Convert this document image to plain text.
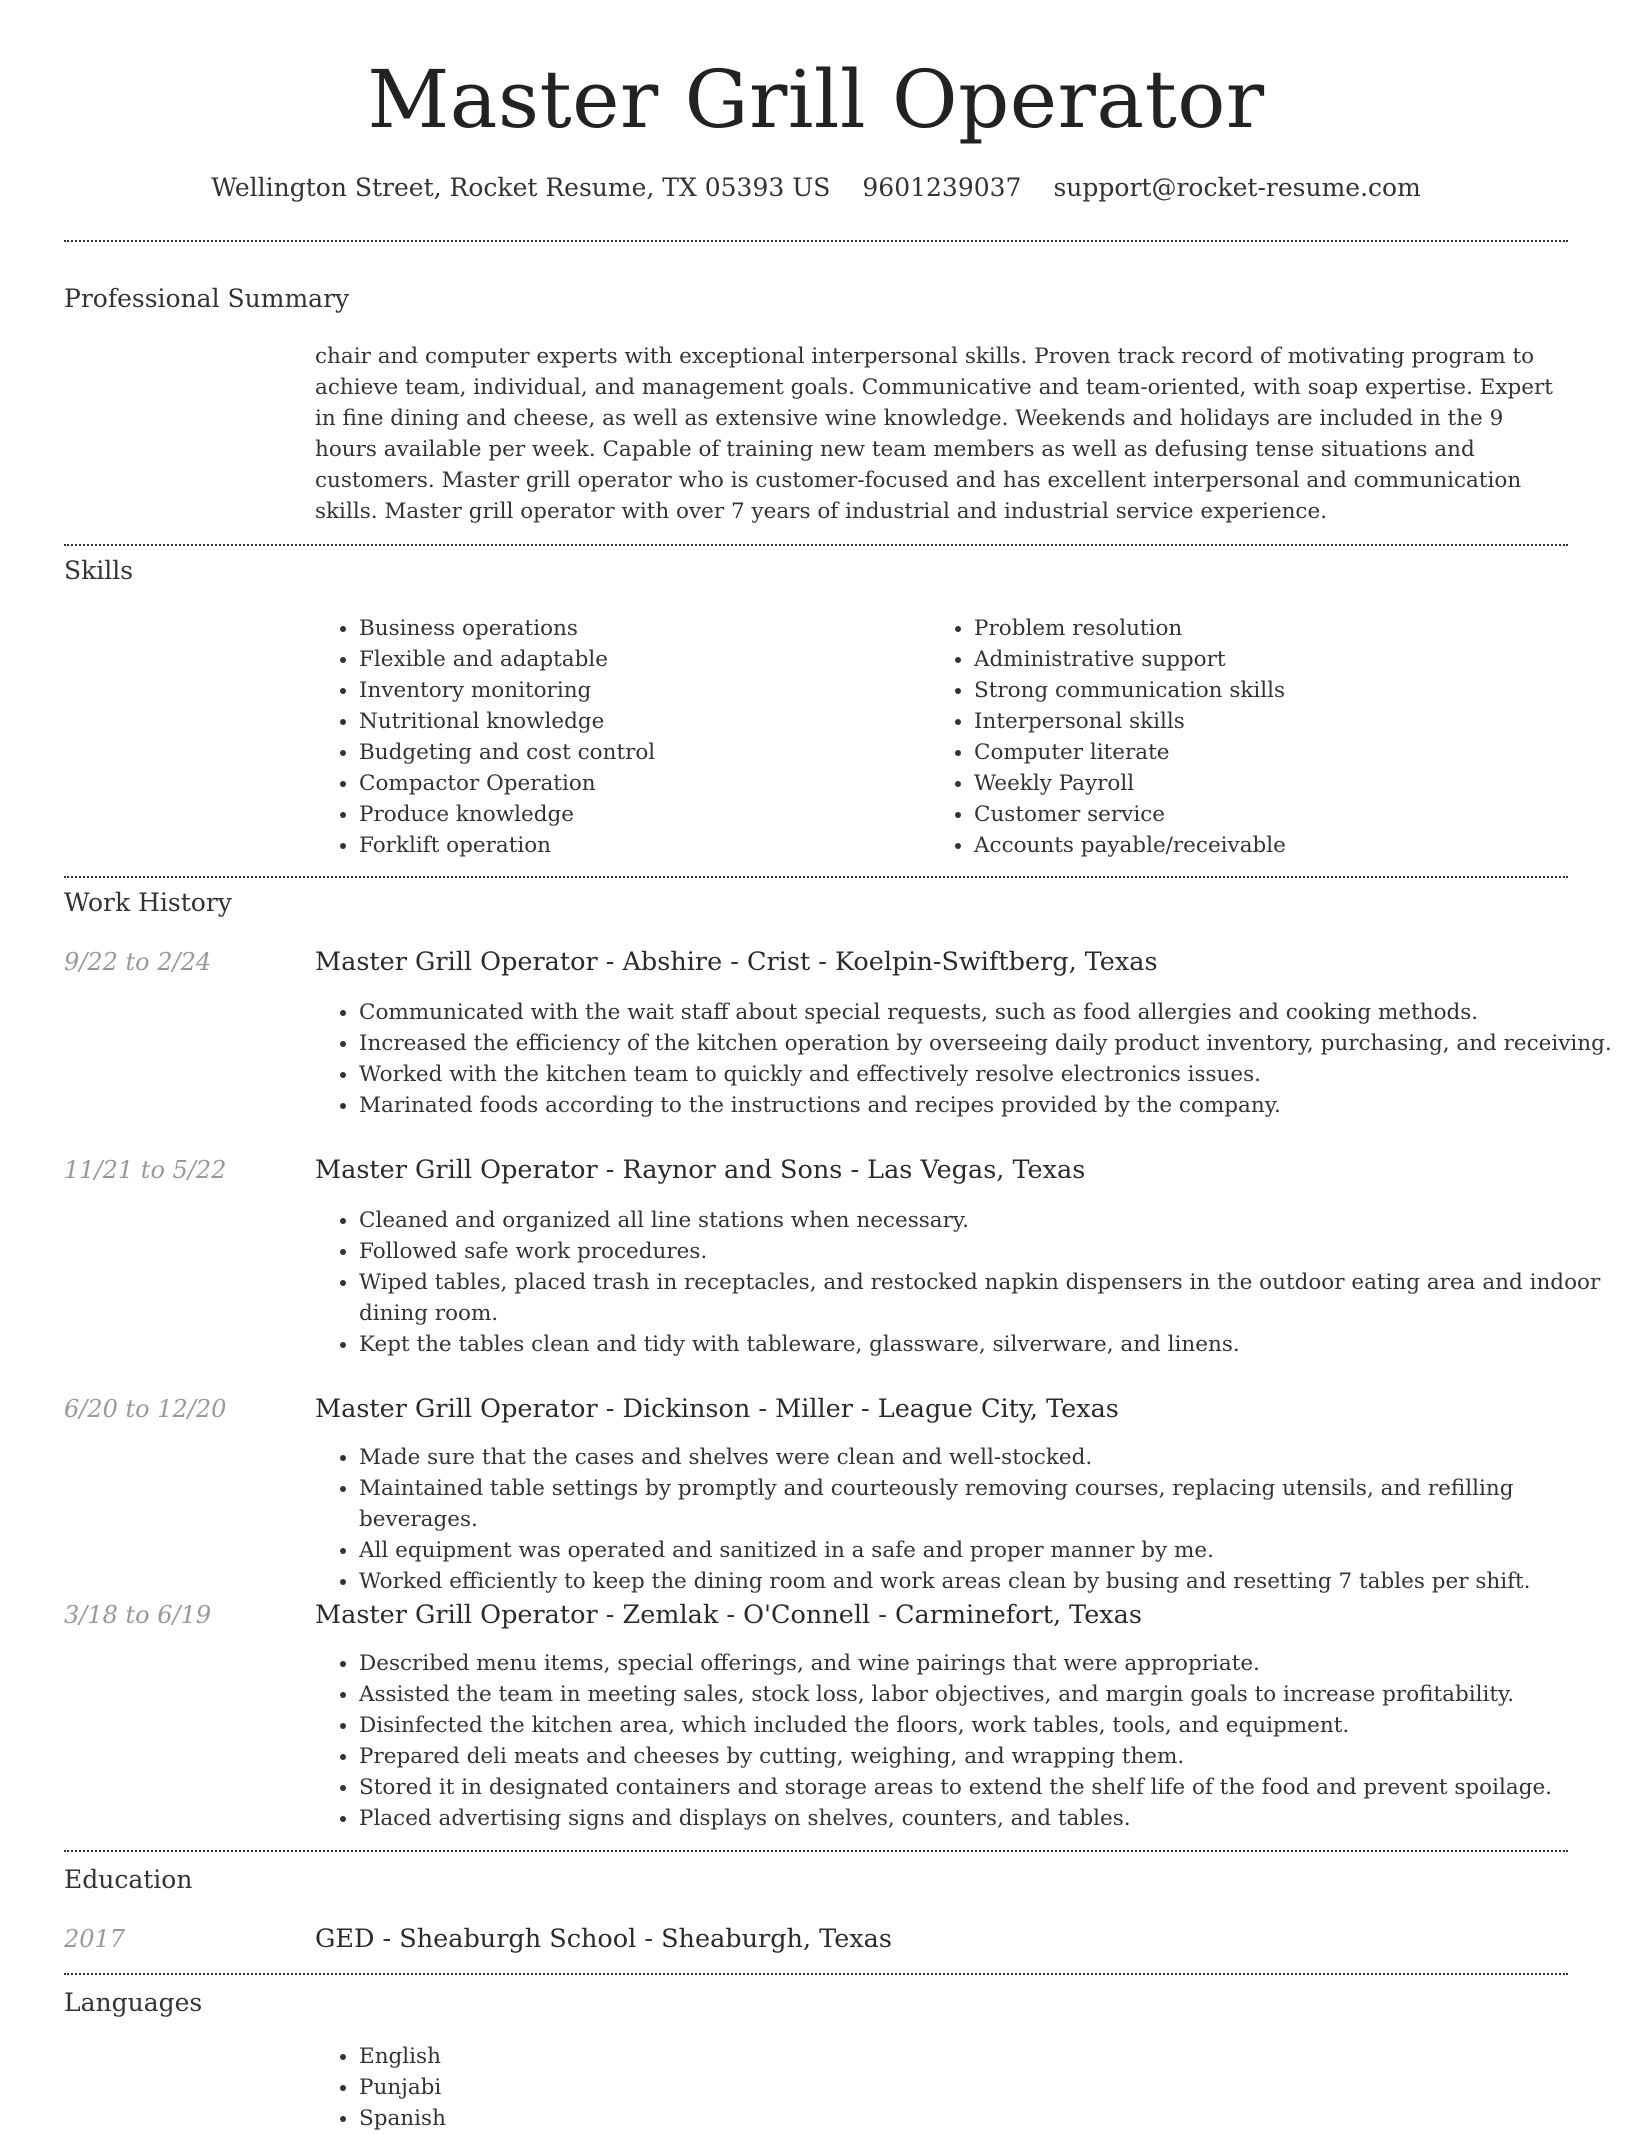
Master Grill Operator
Wellington Street, Rocket Resume, TX 05393 US 9601239037 support@rocket-resume.com
Professional Summary

chair and computer experts with exceptional interpersonal skills. Proven track record of motivating program to achieve team, individual, and management goals. Communicative and team-oriented, with soap expertise. Expert in fine dining and cheese, as well as extensive wine knowledge. Weekends and holidays are included in the 9 hours available per week. Capable of training new team members as well as defusing tense situations and customers. Master grill operator who is customer-focused and has excellent interpersonal and communication skills. Master grill operator with over 7 years of industrial and industrial service experience.

Skills
• Business operations
• Flexible and adaptable
• Inventory monitoring
• Nutritional knowledge
• Budgeting and cost control
• Compactor Operation
• Produce knowledge
• Forklift operation
• Problem resolution
• Administrative support
• Strong communication skills
• Interpersonal skills
• Computer literate
• Weekly Payroll
• Customer service
• Accounts payable/receivable
Work History
9/22 to 2/24	Master Grill Operator - Abshire - Crist - Koelpin-Swiftberg, Texas
• Communicated with the wait staff about special requests, such as food allergies and cooking methods.
• Increased the efficiency of the kitchen operation by overseeing daily product inventory, purchasing, and receiving.
• Worked with the kitchen team to quickly and effectively resolve electronics issues.
• Marinated foods according to the instructions and recipes provided by the company.
11/21 to 5/22	Master Grill Operator - Raynor and Sons - Las Vegas, Texas
• Cleaned and organized all line stations when necessary.
• Followed safe work procedures.
• Wiped tables, placed trash in receptacles, and restocked napkin dispensers in the outdoor eating area and indoor dining room.
• Kept the tables clean and tidy with tableware, glassware, silverware, and linens.
6/20 to 12/20	Master Grill Operator - Dickinson - Miller - League City, Texas
• Made sure that the cases and shelves were clean and well-stocked.
• Maintained table settings by promptly and courteously removing courses, replacing utensils, and refilling beverages.
• All equipment was operated and sanitized in a safe and proper manner by me.
• Worked efficiently to keep the dining room and work areas clean by busing and resetting 7 tables per shift.
3/18 to 6/19	Master Grill Operator - Zemlak - O'Connell - Carminefort, Texas
• Described menu items, special offerings, and wine pairings that were appropriate.
• Assisted the team in meeting sales, stock loss, labor objectives, and margin goals to increase profitability.
• Disinfected the kitchen area, which included the floors, work tables, tools, and equipment.
• Prepared deli meats and cheeses by cutting, weighing, and wrapping them.
• Stored it in designated containers and storage areas to extend the shelf life of the food and prevent spoilage.
• Placed advertising signs and displays on shelves, counters, and tables.
Education
2017	GED - Sheaburgh School - Sheaburgh, Texas
Languages
• English
• Punjabi
• Spanish
